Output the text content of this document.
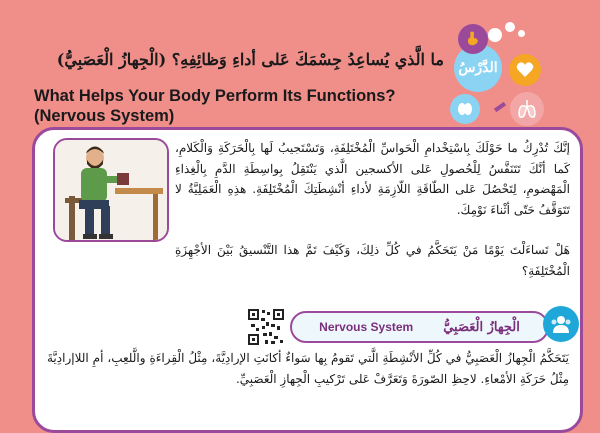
الدَّرْسُ
ما الَّذي يُساعِدُ جِسْمَكَ عَلى أداءِ وَظائِفِهِ؟ (الْجِهازُ الْعَصَبِيُّ)
What Helps Your Body Perform Its Functions?
(Nervous System)
إنَّكَ تُدْرِكُ ما حَوْلَكَ بِاسْتِخْدامِ الْحَواسِّ الْمُخْتَلِفَةِ، وَتَسْتَجيبُ لَها بِالْحَرَكَةِ وَالْكَلامِ، كَما أنَّكَ تَتَنَفَّسُ لِلْحُصولِ عَلى الأكسجين الَّذي يَنْتَقِلُ بِواسِطَةِ الدَّمِ بِالْغِذاءِ الْمَهْضومِ، لِتَحْصُلَ عَلى الطّاقَةِ اللّازِمَةِ لأداءِ أنْشِطَتِكَ الْمُخْتَلِفَةِ. هذِهِ الْعَمَلِيَّةُ لا تَتَوَقَّفُ حَتّى أثْناءَ نَوْمِكَ.
هَلْ تَساءَلْتَ يَوْمًا مَنْ يَتَحَكَّمُ في كُلِّ ذلِكَ، وَكَيْفَ تَمَّ هذا التَّنْسيقُ بَيْنَ الأجْهِزَةِ الْمُخْتَلِفَةِ؟
Nervous System الْجِهازُ الْعَصَبِيُّ
يَتَحَكَّمُ الْجِهازُ الْعَصَبِيُّ في كُلِّ الأنْشِطَةِ الَّتي تَقومُ بِها سَواءٌ أكانَتِ الإرادِيَّةَ، مِثْلُ الْقِراءَةِ والَّلعِبِ، أمِ اللاإرادِيَّةَ مِثْلُ حَرَكَةِ الأمْعاءِ. لاحِظِ الصّورَةَ وَتَعَرَّفْ عَلى تَرْكيبِ الْجِهازِ الْعَصَبِيِّ.
